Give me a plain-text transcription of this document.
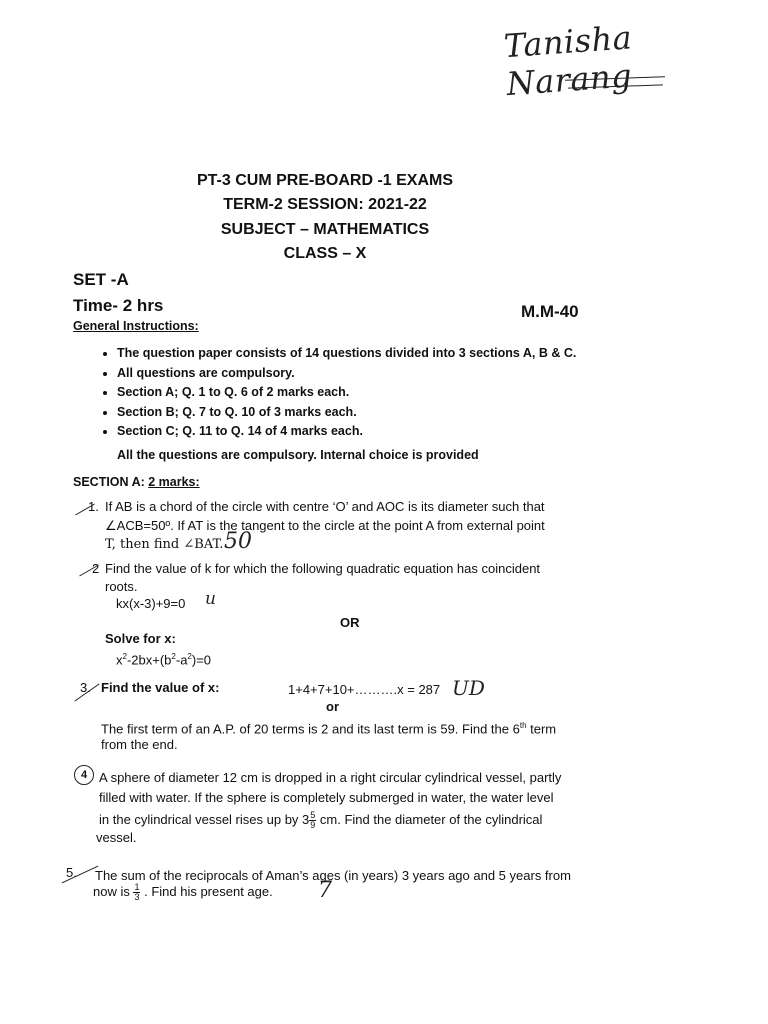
Tanisha Narang
PT-3 CUM PRE-BOARD -1 EXAMS
TERM-2 SESSION: 2021-22
SUBJECT – MATHEMATICS
CLASS – X
SET -A
Time- 2 hrs	M.M-40
General Instructions:
• The question paper consists of 14 questions divided into 3 sections A, B & C.
• All questions are compulsory.
• Section A; Q. 1 to Q. 6 of 2 marks each.
• Section B; Q. 7 to Q. 10 of 3 marks each.
• Section C; Q. 11 to Q. 14 of 4 marks each.
All the questions are compulsory. Internal choice is provided
SECTION A: 2 marks:
1. If AB is a chord of the circle with centre ‘O’ and AOC is its diameter such that
∠ACB=50º. If AT is the tangent to the circle at the point A from external point
T, then find ∠BAT. 50
2 Find the value of k for which the following quadratic equation has coincident
roots.
kx(x-3)+9=0 u
OR
Solve for x:
$x^2-2bx+(b^2-a^2)=0$
3. Find the value of x:	1+4+7+10+……….x = 287 UD
or
The first term of an A.P. of 20 terms is 2 and its last term is 59. Find the 6th term
from the end.
4 A sphere of diameter 12 cm is dropped in a right circular cylindrical vessel, partly
filled with water. If the sphere is completely submerged in water, the water level
in the cylindrical vessel rises up by $3 \frac{5}{9}$ cm. Find the diameter of the cylindrical
vessel.
5. The sum of the reciprocals of Aman’s ages (in years) 3 years ago and 5 years from
now is $\frac{1}{3}$ . Find his present age. 7
